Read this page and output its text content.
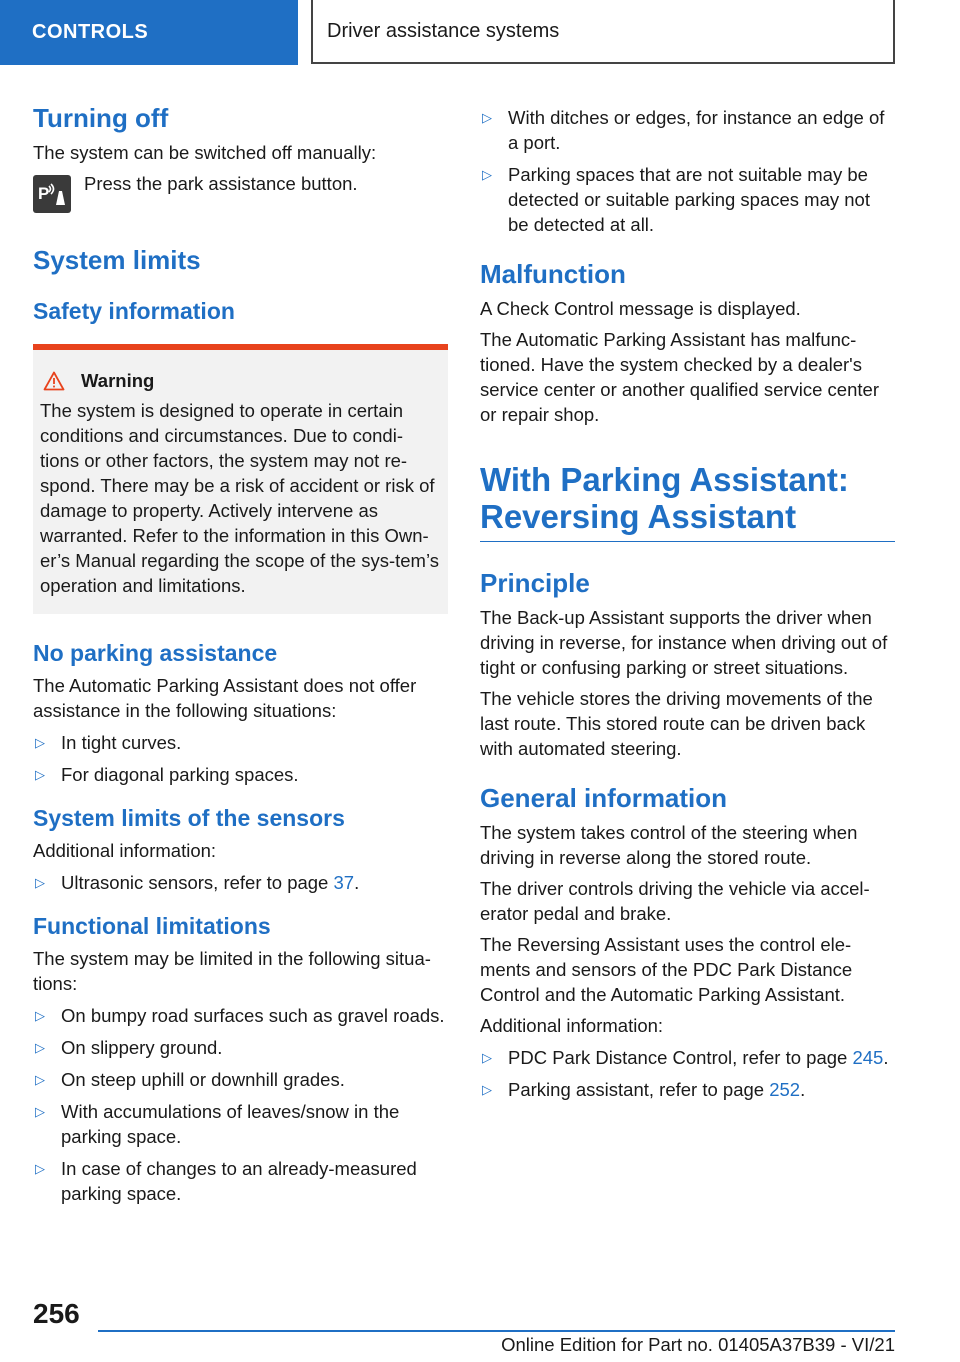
CONTROLS	Driver assistance systems
Turning off

The system can be switched off manually:

P Press the park assistance button.

System limits
Safety information
Warning

The system is designed to operate in certain conditions and circumstances. Due to condi-tions or other factors, the system may not re-spond. There may be a risk of accident or risk of damage to property. Actively intervene as warranted. Refer to the information in this Own-er’s Manual regarding the scope of the sys-tem’s operation and limitations.

No parking assistance

The Automatic Parking Assistant does not offer assistance in the following situations:

▷ In tight curves.
▷ For diagonal parking spaces.
System limits of the sensors

Additional information:

▷ Ultrasonic sensors, refer to page 37.
Functional limitations

The system may be limited in the following situa-tions:

▷ On bumpy road surfaces such as gravel roads.
▷ On slippery ground.
▷ On steep uphill or downhill grades.
▷ With accumulations of leaves/snow in the parking space.
▷ In case of changes to an already-measured parking space.
▷ With ditches or edges, for instance an edge of a port.
▷ Parking spaces that are not suitable may be detected or suitable parking spaces may not be detected at all.
Malfunction

A Check Control message is displayed.

The Automatic Parking Assistant has malfunc-tioned. Have the system checked by a dealer's service center or another qualified service center or repair shop.

With Parking Assistant:
Reversing Assistant
Principle

The Back-up Assistant supports the driver when driving in reverse, for instance when driving out of tight or confusing parking or street situations.

The vehicle stores the driving movements of the last route. This stored route can be driven back with automated steering.

General information

The system takes control of the steering when driving in reverse along the stored route.

The driver controls driving the vehicle via accel-erator pedal and brake.

The Reversing Assistant uses the control ele-ments and sensors of the PDC Park Distance Control and the Automatic Parking Assistant.

Additional information:

▷ PDC Park Distance Control, refer to page 245.
▷ Parking assistant, refer to page 252.
256
Online Edition for Part no. 01405A37B39 - VI/21
